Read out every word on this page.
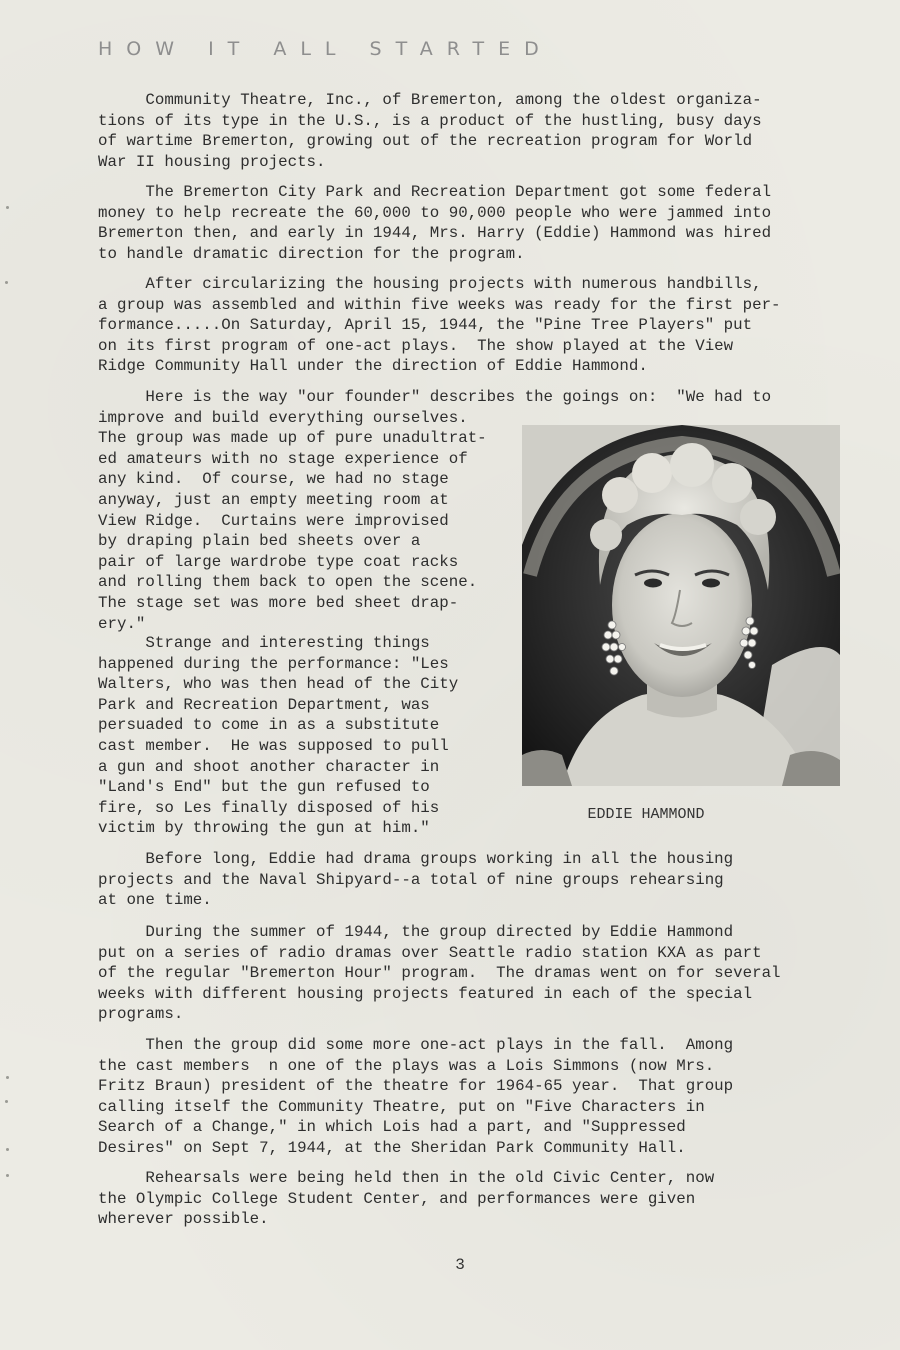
HOW IT ALL STARTED

Community Theatre, Inc., of Bremerton, among the oldest organiza-
tions of its type in the U.S., is a product of the hustling, busy days
of wartime Bremerton, growing out of the recreation program for World
War II housing projects.

The Bremerton City Park and Recreation Department got some federal
money to help recreate the 60,000 to 90,000 people who were jammed into
Bremerton then, and early in 1944, Mrs. Harry (Eddie) Hammond was hired
to handle dramatic direction for the program.

After circularizing the housing projects with numerous handbills,
a group was assembled and within five weeks was ready for the first per-
formance.....On Saturday, April 15, 1944, the "Pine Tree Players" put
on its first program of one-act plays.  The show played at the View
Ridge Community Hall under the direction of Eddie Hammond.

Here is the way "our founder" describes the goings on:  "We had to
improve and build everything ourselves.
The group was made up of pure unadultrat-
ed amateurs with no stage experience of
any kind.  Of course, we had no stage
anyway, just an empty meeting room at
View Ridge.  Curtains were improvised
by draping plain bed sheets over a
pair of large wardrobe type coat racks
and rolling them back to open the scene.
The stage set was more bed sheet drap-
ery."

Strange and interesting things
happened during the performance: "Les
Walters, who was then head of the City
Park and Recreation Department, was
persuaded to come in as a substitute
cast member.  He was supposed to pull
a gun and shoot another character in
"Land's End" but the gun refused to
fire, so Les finally disposed of his
victim by throwing the gun at him."

Before long, Eddie had drama groups working in all the housing
projects and the Naval Shipyard--a total of nine groups rehearsing
at one time.

During the summer of 1944, the group directed by Eddie Hammond
put on a series of radio dramas over Seattle radio station KXA as part
of the regular "Bremerton Hour" program.  The dramas went on for several
weeks with different housing projects featured in each of the special
programs.

Then the group did some more one-act plays in the fall.  Among
the cast members  n one of the plays was a Lois Simmons (now Mrs.
Fritz Braun) president of the theatre for 1964-65 year.  That group
calling itself the Community Theatre, put on "Five Characters in
Search of a Change," in which Lois had a part, and "Suppressed
Desires" on Sept 7, 1944, at the Sheridan Park Community Hall.

Rehearsals were being held then in the old Civic Center, now
the Olympic College Student Center, and performances were given
wherever possible.

EDDIE HAMMOND
3
